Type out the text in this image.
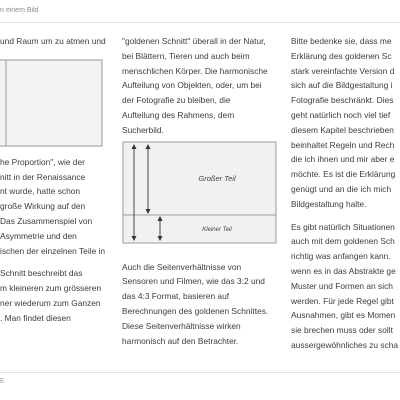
n einem Bild

und Raum um zu atmen und

he Proportion", wie der

nitt in der Renaissance

nt wurde, hatte schon

große Wirkung auf den

Das Zusammenspiel von

Asymmetrie und den

ischen der einzelnen Teile in

Schnitt beschreibt das

m kleineren zum grösseren

ner wiederum zum Ganzen

. Man findet diesen

"goldenen Schnitt" überall in der Natur,

bei Blättern, Tieren und auch beim

menschlichen Körper. Die harmonische

Aufteilung von Objekten, oder, um bei

der Fotografie zu bleiben, die

Aufteilung des Rahmens, dem

Sucherbild.

Auch die Seitenverhältnisse von

Sensoren und Filmen, wie das 3:2 und

das 4:3 Format, basieren auf

Berechnungen des goldenen Schnittes.

Diese Seitenverhältnisse wirken

harmonisch auf den Betrachter.

Großer Teil
Kleiner Teil

Bitte bedenke sie, dass me

Erklärung des goldenen Sc

stark vereinfachte Version d

sich auf die Bildgestaltung i

Fotografie beschränkt. Dies

geht natürlich noch viel tief

diesem Kapitel beschrieben

beinhaltet Regeln und Rech

die ich ihnen und mir aber e

möchte. Es ist die Erklärung

genügt und an die ich mich

Bildgestaltung halte.

Es gibt natürlich Situationen

auch mit dem goldenen Sch

richtig was anfangen kann.

wenn es in das Abstrakte ge

Muster und Formen an sich

werden. Für jede Regel gibt

Ausnahmen, gibt es Momen

sie brechen muss oder sollt

aussergewöhnliches zu scha

E
